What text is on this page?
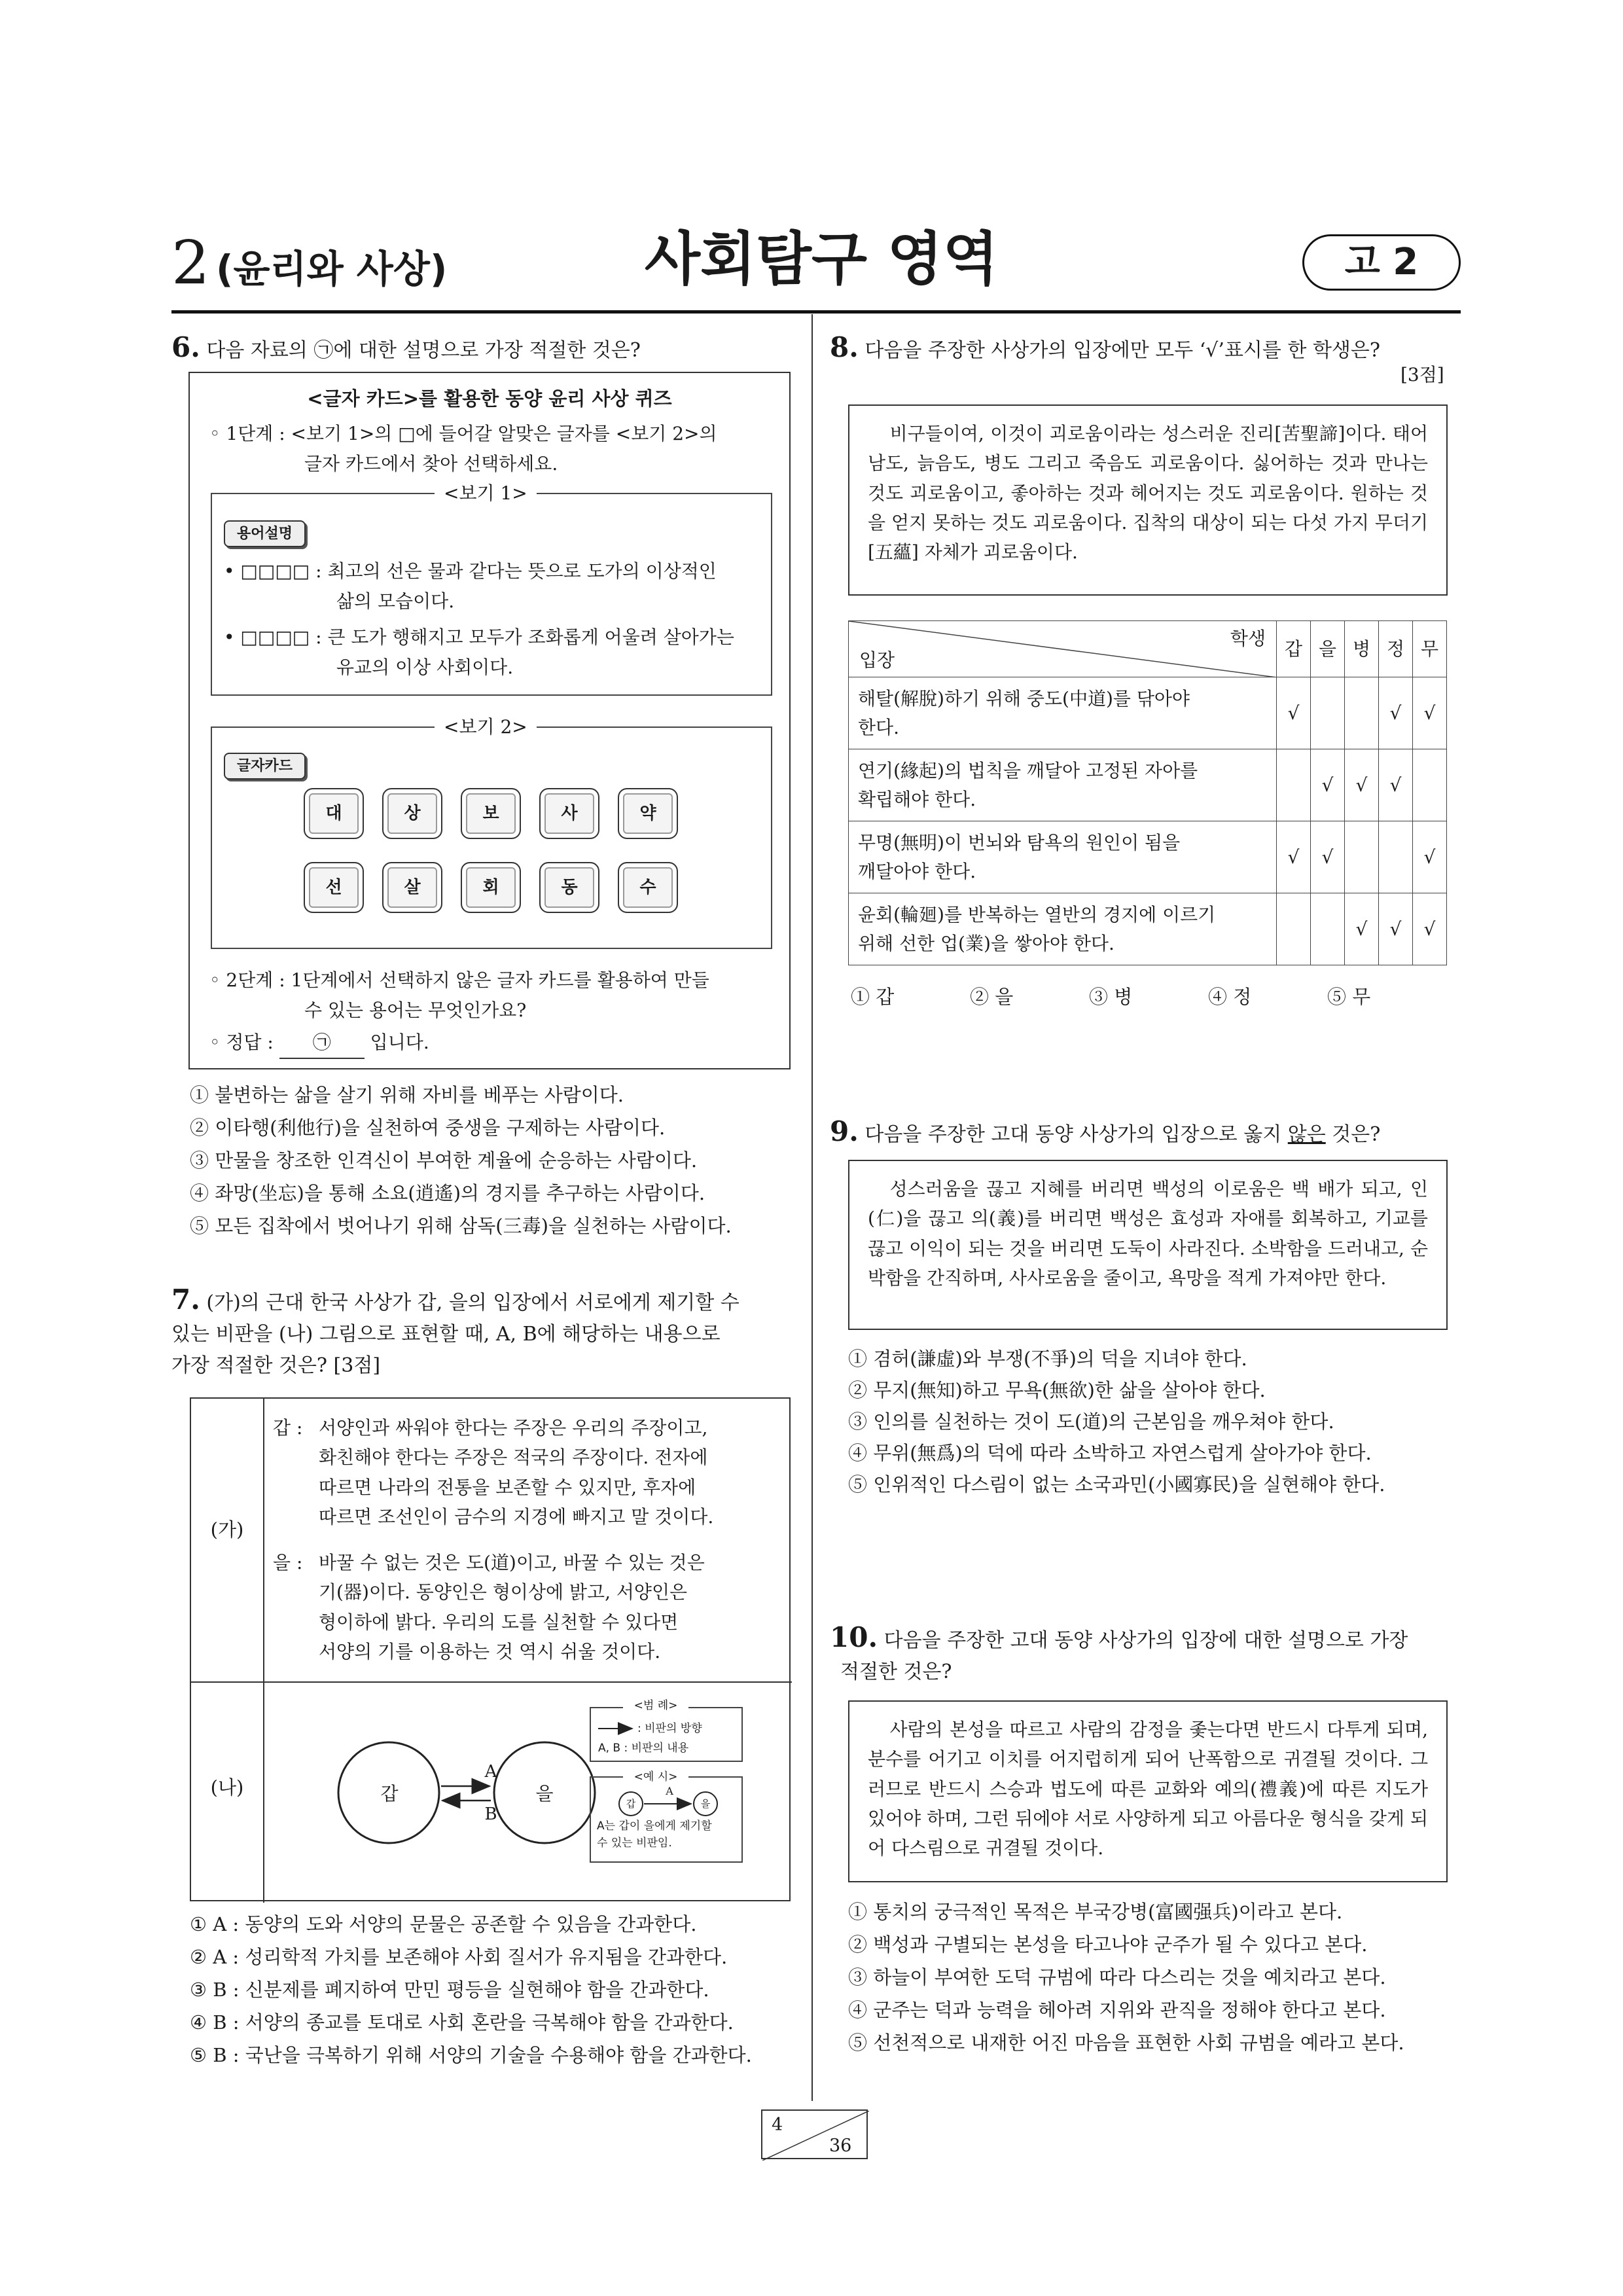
2 (윤리와 사상)	사회탐구 영역	고 2
6. 다음 자료의 ㉠에 대한 설명으로 가장 적절한 것은?
<글자 카드>를 활용한 동양 윤리 사상 퀴즈
◦ 1단계 : <보기 1>의 □에 들어갈 알맞은 글자를 <보기 2>의
글자 카드에서 찾아 선택하세요.
<보기 1>
용어설명
• □□□□ : 최고의 선은 물과 같다는 뜻으로 도가의 이상적인
삶의 모습이다.
• □□□□ : 큰 도가 행해지고 모두가 조화롭게 어울려 살아가는
유교의 이상 사회이다.
<보기 2>
글자카드
대	상	보	사	약
선	살	회	동	수
◦ 2단계 : 1단계에서 선택하지 않은 글자 카드를 활용하여 만들
수 있는 용어는 무엇인가요?
◦ 정답 : ㉠ 입니다.
① 불변하는 삶을 살기 위해 자비를 베푸는 사람이다.
② 이타행(利他行)을 실천하여 중생을 구제하는 사람이다.
③ 만물을 창조한 인격신이 부여한 계율에 순응하는 사람이다.
④ 좌망(坐忘)을 통해 소요(逍遙)의 경지를 추구하는 사람이다.
⑤ 모든 집착에서 벗어나기 위해 삼독(三毒)을 실천하는 사람이다.
7. (가)의 근대 한국 사상가 갑, 을의 입장에서 서로에게 제기할 수
있는 비판을 (나) 그림으로 표현할 때, A, B에 해당하는 내용으로
가장 적절한 것은? [3점]
(가)
(나)
갑 : 서양인과 싸워야 한다는 주장은 우리의 주장이고,
화친해야 한다는 주장은 적국의 주장이다. 전자에
따르면 나라의 전통을 보존할 수 있지만, 후자에
따르면 조선인이 금수의 지경에 빠지고 말 것이다.
을 : 바꿀 수 없는 것은 도(道)이고, 바꿀 수 있는 것은
기(器)이다. 동양인은 형이상에 밝고, 서양인은
형이하에 밝다. 우리의 도를 실천할 수 있다면
서양의 기를 이용하는 것 역시 쉬울 것이다.
갑	을
A
B
<범 례>
: 비판의 방향
A, B : 비판의 내용
<예 시>
갑	을
A
A는 갑이 을에게 제기할
수 있는 비판임.
① A : 동양의 도와 서양의 문물은 공존할 수 있음을 간과한다.
② A : 성리학적 가치를 보존해야 사회 질서가 유지됨을 간과한다.
③ B : 신분제를 폐지하여 만민 평등을 실현해야 함을 간과한다.
④ B : 서양의 종교를 토대로 사회 혼란을 극복해야 함을 간과한다.
⑤ B : 국난을 극복하기 위해 서양의 기술을 수용해야 함을 간과한다.
8. 다음을 주장한 사상가의 입장에만 모두 ‘√’표시를 한 학생은?
[3점]
비구들이여, 이것이 괴로움이라는 성스러운 진리[苦聖諦]이다. 태어남도, 늙음도, 병도 그리고 죽음도 괴로움이다. 싫어하는 것과 만나는 것도 괴로움이고, 좋아하는 것과 헤어지는 것도 괴로움이다. 원하는 것을 얻지 못하는 것도 괴로움이다. 집착의 대상이 되는 다섯 가지 무더기[五蘊] 자체가 괴로움이다.
학생
입장	갑	을	병	정	무

해탈(解脫)하기 위해 중도(中道)를 닦아야
한다.	√			√	√

연기(緣起)의 법칙을 깨달아 고정된 자아를
확립해야 한다.		√	√	√	

무명(無明)이 번뇌와 탐욕의 원인이 됨을
깨달아야 한다.	√	√			√

윤회(輪廻)를 반복하는 열반의 경지에 이르기
위해 선한 업(業)을 쌓아야 한다.			√	√	√
① 갑	② 을	③ 병	④ 정	⑤ 무
9. 다음을 주장한 고대 동양 사상가의 입장으로 옳지 않은 것은?
성스러움을 끊고 지혜를 버리면 백성의 이로움은 백 배가 되고, 인(仁)을 끊고 의(義)를 버리면 백성은 효성과 자애를 회복하고, 기교를 끊고 이익이 되는 것을 버리면 도둑이 사라진다. 소박함을 드러내고, 순박함을 간직하며, 사사로움을 줄이고, 욕망을 적게 가져야만 한다.
① 겸허(謙虛)와 부쟁(不爭)의 덕을 지녀야 한다.
② 무지(無知)하고 무욕(無欲)한 삶을 살아야 한다.
③ 인의를 실천하는 것이 도(道)의 근본임을 깨우쳐야 한다.
④ 무위(無爲)의 덕에 따라 소박하고 자연스럽게 살아가야 한다.
⑤ 인위적인 다스림이 없는 소국과민(小國寡民)을 실현해야 한다.
10. 다음을 주장한 고대 동양 사상가의 입장에 대한 설명으로 가장
적절한 것은?
사람의 본성을 따르고 사람의 감정을 좇는다면 반드시 다투게 되며, 분수를 어기고 이치를 어지럽히게 되어 난폭함으로 귀결될 것이다. 그러므로 반드시 스승과 법도에 따른 교화와 예의(禮義)에 따른 지도가 있어야 하며, 그런 뒤에야 서로 사양하게 되고 아름다운 형식을 갖게 되어 다스림으로 귀결될 것이다.
① 통치의 궁극적인 목적은 부국강병(富國强兵)이라고 본다.
② 백성과 구별되는 본성을 타고나야 군주가 될 수 있다고 본다.
③ 하늘이 부여한 도덕 규범에 따라 다스리는 것을 예치라고 본다.
④ 군주는 덕과 능력을 헤아려 지위와 관직을 정해야 한다고 본다.
⑤ 선천적으로 내재한 어진 마음을 표현한 사회 규범을 예라고 본다.
4
36
